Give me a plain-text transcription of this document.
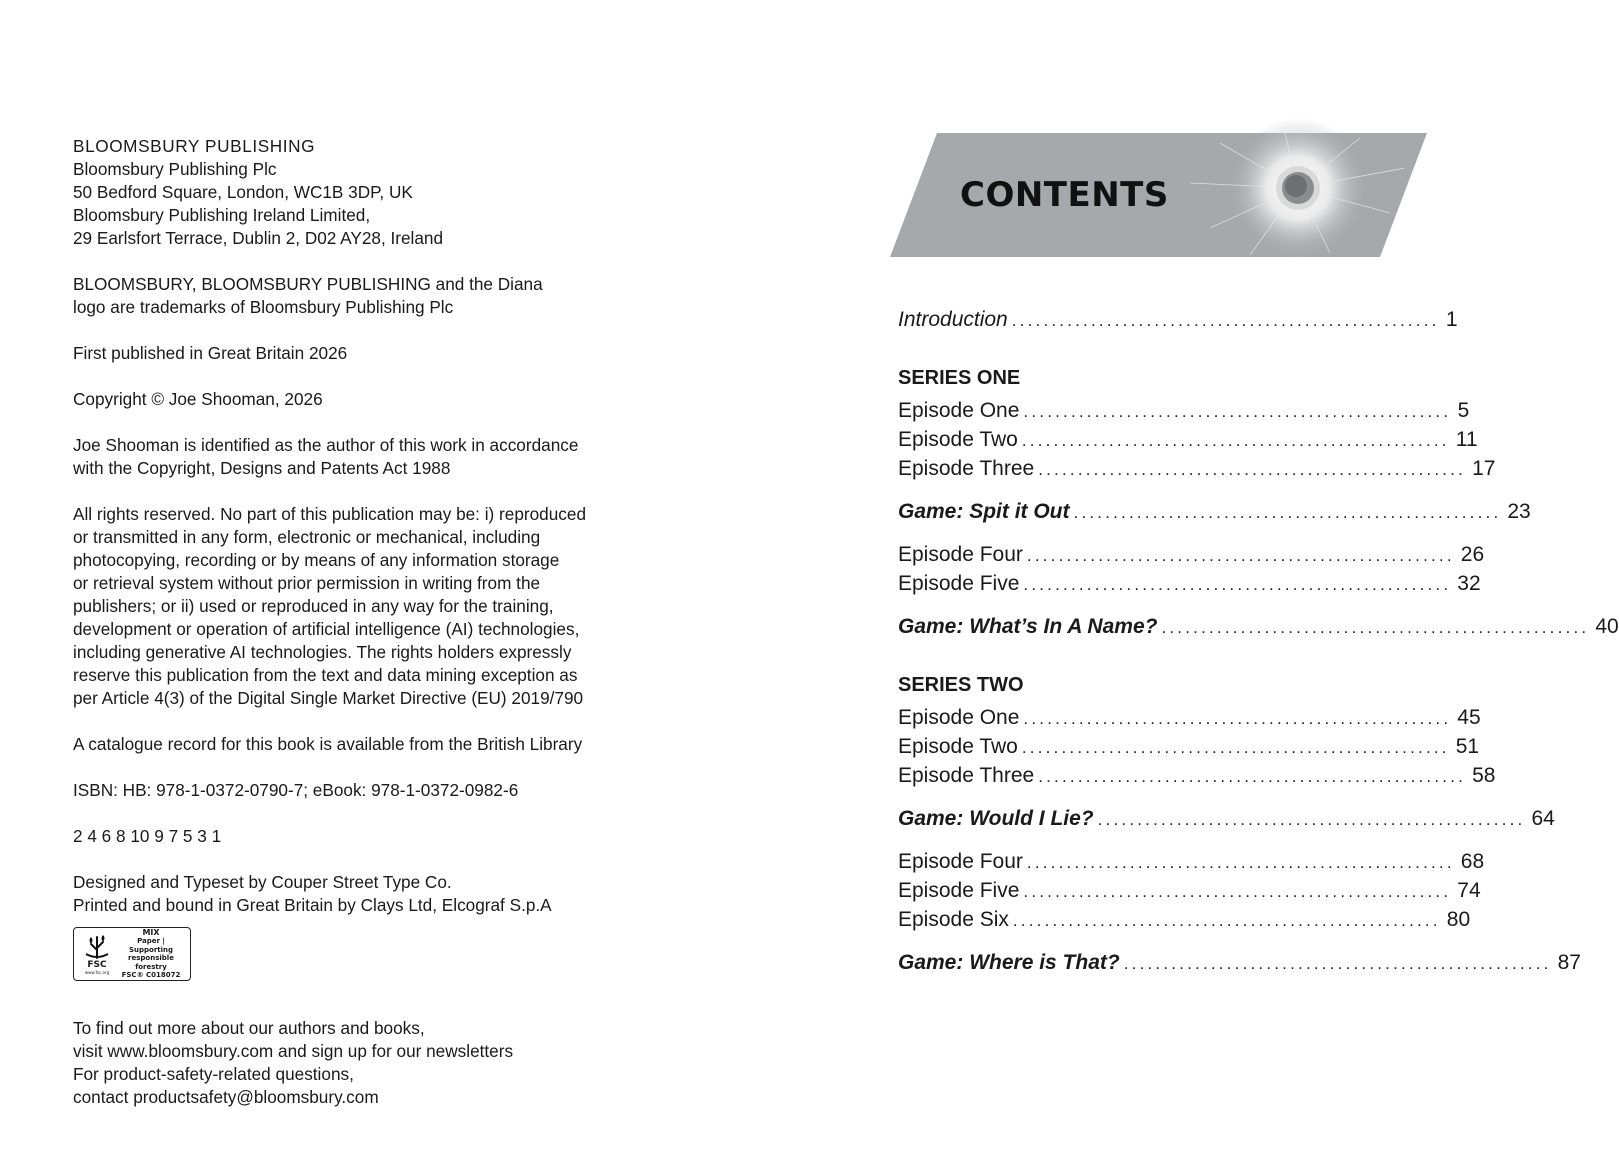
BLOOMSBURY PUBLISHING
Bloomsbury Publishing Plc
50 Bedford Square, London, WC1B 3DP, UK
Bloomsbury Publishing Ireland Limited,
29 Earlsfort Terrace, Dublin 2, D02 AY28, Ireland

BLOOMSBURY, BLOOMSBURY PUBLISHING and the Diana
logo are trademarks of Bloomsbury Publishing Plc

First published in Great Britain 2026

Copyright © Joe Shooman, 2026

Joe Shooman is identified as the author of this work in accordance
with the Copyright, Designs and Patents Act 1988

All rights reserved. No part of this publication may be: i) reproduced
or transmitted in any form, electronic or mechanical, including
photocopying, recording or by means of any information storage
or retrieval system without prior permission in writing from the
publishers; or ii) used or reproduced in any way for the training,
development or operation of artificial intelligence (AI) technologies,
including generative AI technologies. The rights holders expressly
reserve this publication from the text and data mining exception as
per Article 4(3) of the Digital Single Market Directive (EU) 2019/790

A catalogue record for this book is available from the British Library

ISBN: HB: 978-1-0372-0790-7; eBook: 978-1-0372-0982-6

2 4 6 8 10 9 7 5 3 1

Designed and Typeset by Couper Street Type Co.
Printed and bound in Great Britain by Clays Ltd, Elcograf S.p.A

FSC
www.fsc.org
MIX
Paper | Supporting
responsible forestry
FSC® C018072

To find out more about our authors and books,
visit www.bloomsbury.com and sign up for our newsletters
For product-safety-related questions,
contact productsafety@bloomsbury.com

CONTENTS
Introduction ...................................................... 1
SERIES ONE
Episode One ...................................................... 5
Episode Two ...................................................... 11
Episode Three ...................................................... 17
Game: Spit it Out ...................................................... 23
Episode Four ...................................................... 26
Episode Five ...................................................... 32
Game: What’s In A Name? ...................................................... 40
SERIES TWO
Episode One ...................................................... 45
Episode Two ...................................................... 51
Episode Three ...................................................... 58
Game: Would I Lie? ...................................................... 64
Episode Four ...................................................... 68
Episode Five ...................................................... 74
Episode Six ...................................................... 80
Game: Where is That? ...................................................... 87
